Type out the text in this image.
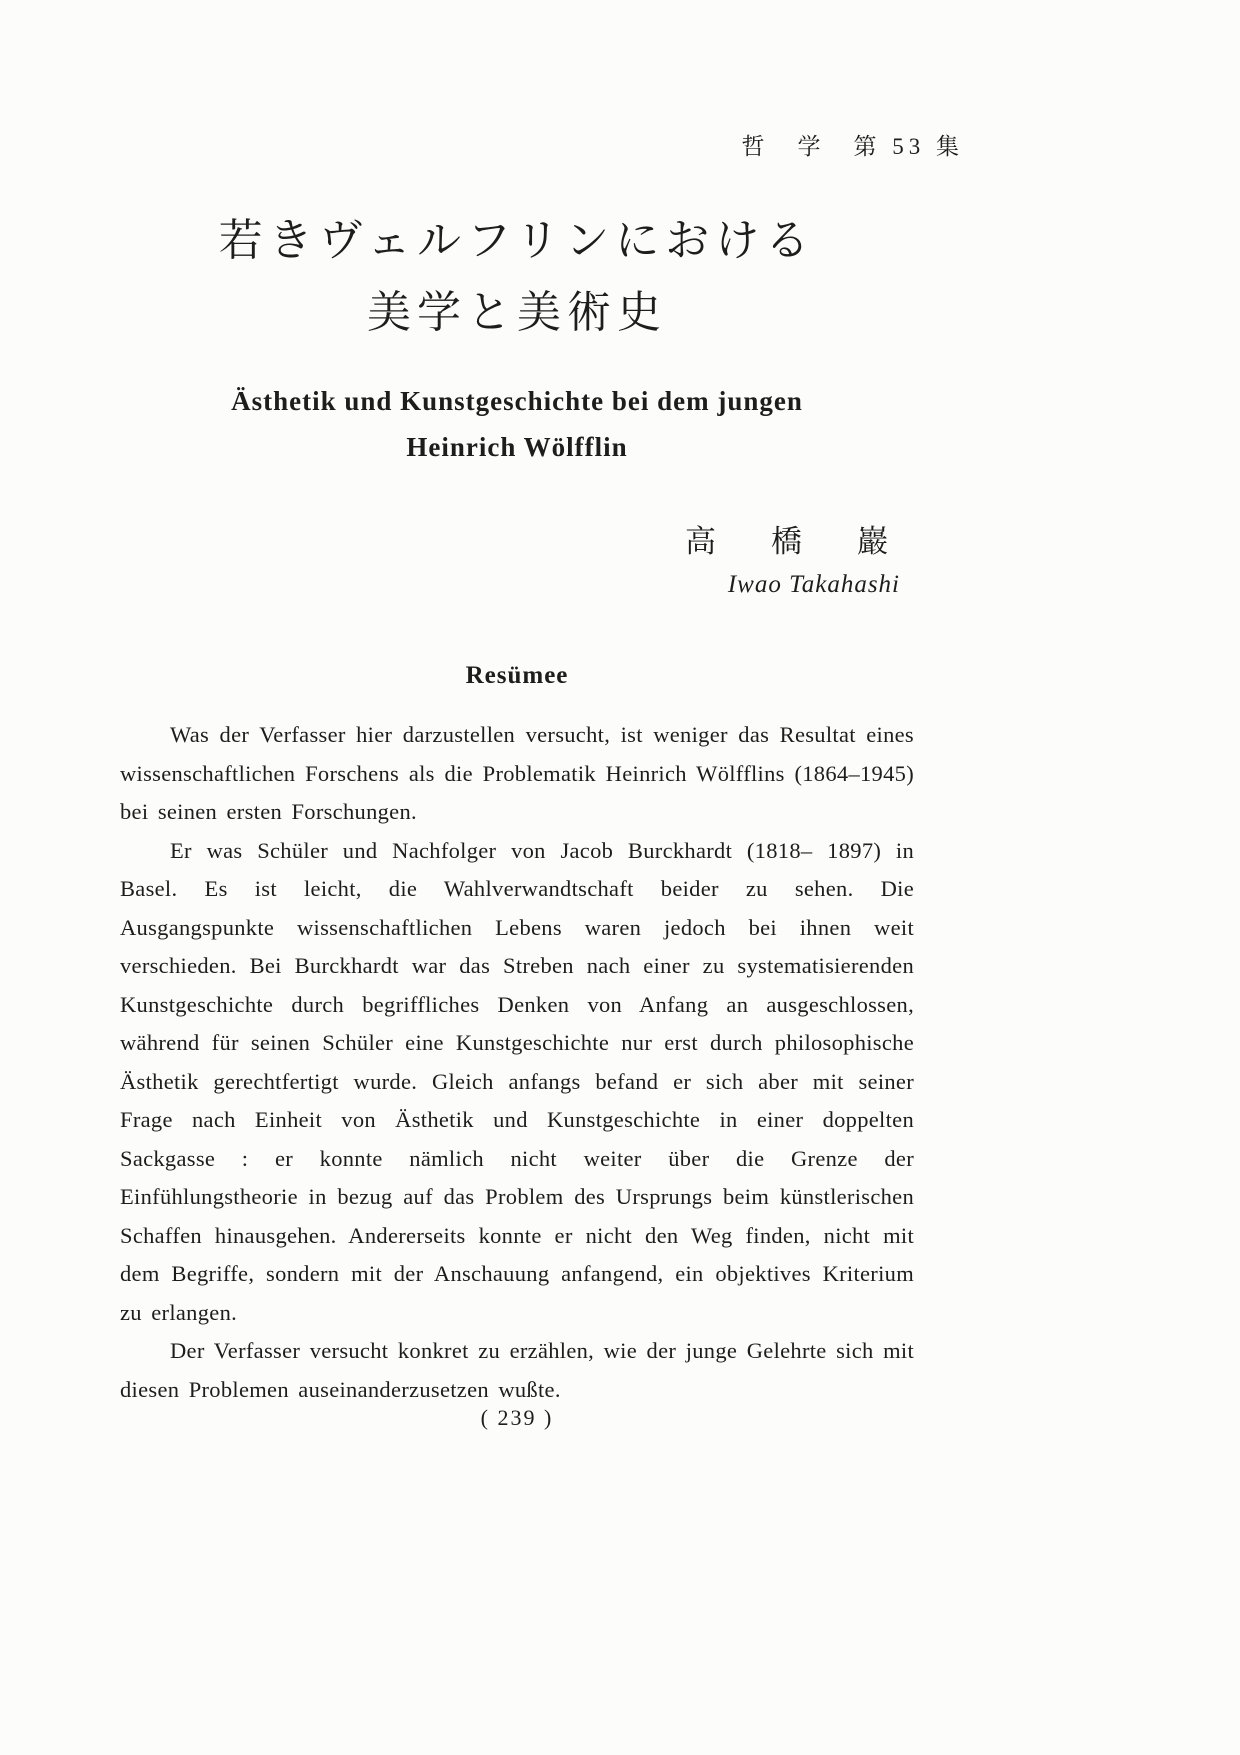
哲　学　第 53 集
若きヴェルフリンにおける
美学と美術史
Ästhetik und Kunstgeschichte bei dem jungen
Heinrich Wölfflin
高　橋　巖
Iwao Takahashi
Resümee

Was der Verfasser hier darzustellen versucht, ist weniger das Resultat eines wissenschaftlichen Forschens als die Problematik Heinrich Wölfflins (1864–1945) bei seinen ersten Forschungen.

Er was Schüler und Nachfolger von Jacob Burckhardt (1818– 1897) in Basel. Es ist leicht, die Wahlverwandtschaft beider zu sehen. Die Ausgangspunkte wissenschaftlichen Lebens waren jedoch bei ihnen weit verschieden. Bei Burckhardt war das Streben nach einer zu systematisierenden Kunstgeschichte durch begriffliches Denken von Anfang an ausgeschlossen, während für seinen Schüler eine Kunstgeschichte nur erst durch philosophische Ästhetik gerechtfertigt wurde. Gleich anfangs befand er sich aber mit seiner Frage nach Einheit von Ästhetik und Kunstgeschichte in einer doppelten Sackgasse : er konnte nämlich nicht weiter über die Grenze der Einfühlungstheorie in bezug auf das Problem des Ursprungs beim künstlerischen Schaffen hinausgehen. Andererseits konnte er nicht den Weg finden, nicht mit dem Begriffe, sondern mit der Anschauung anfangend, ein objektives Kriterium zu erlangen.

Der Verfasser versucht konkret zu erzählen, wie der junge Gelehrte sich mit diesen Problemen auseinanderzusetzen wußte.

( 239 )
